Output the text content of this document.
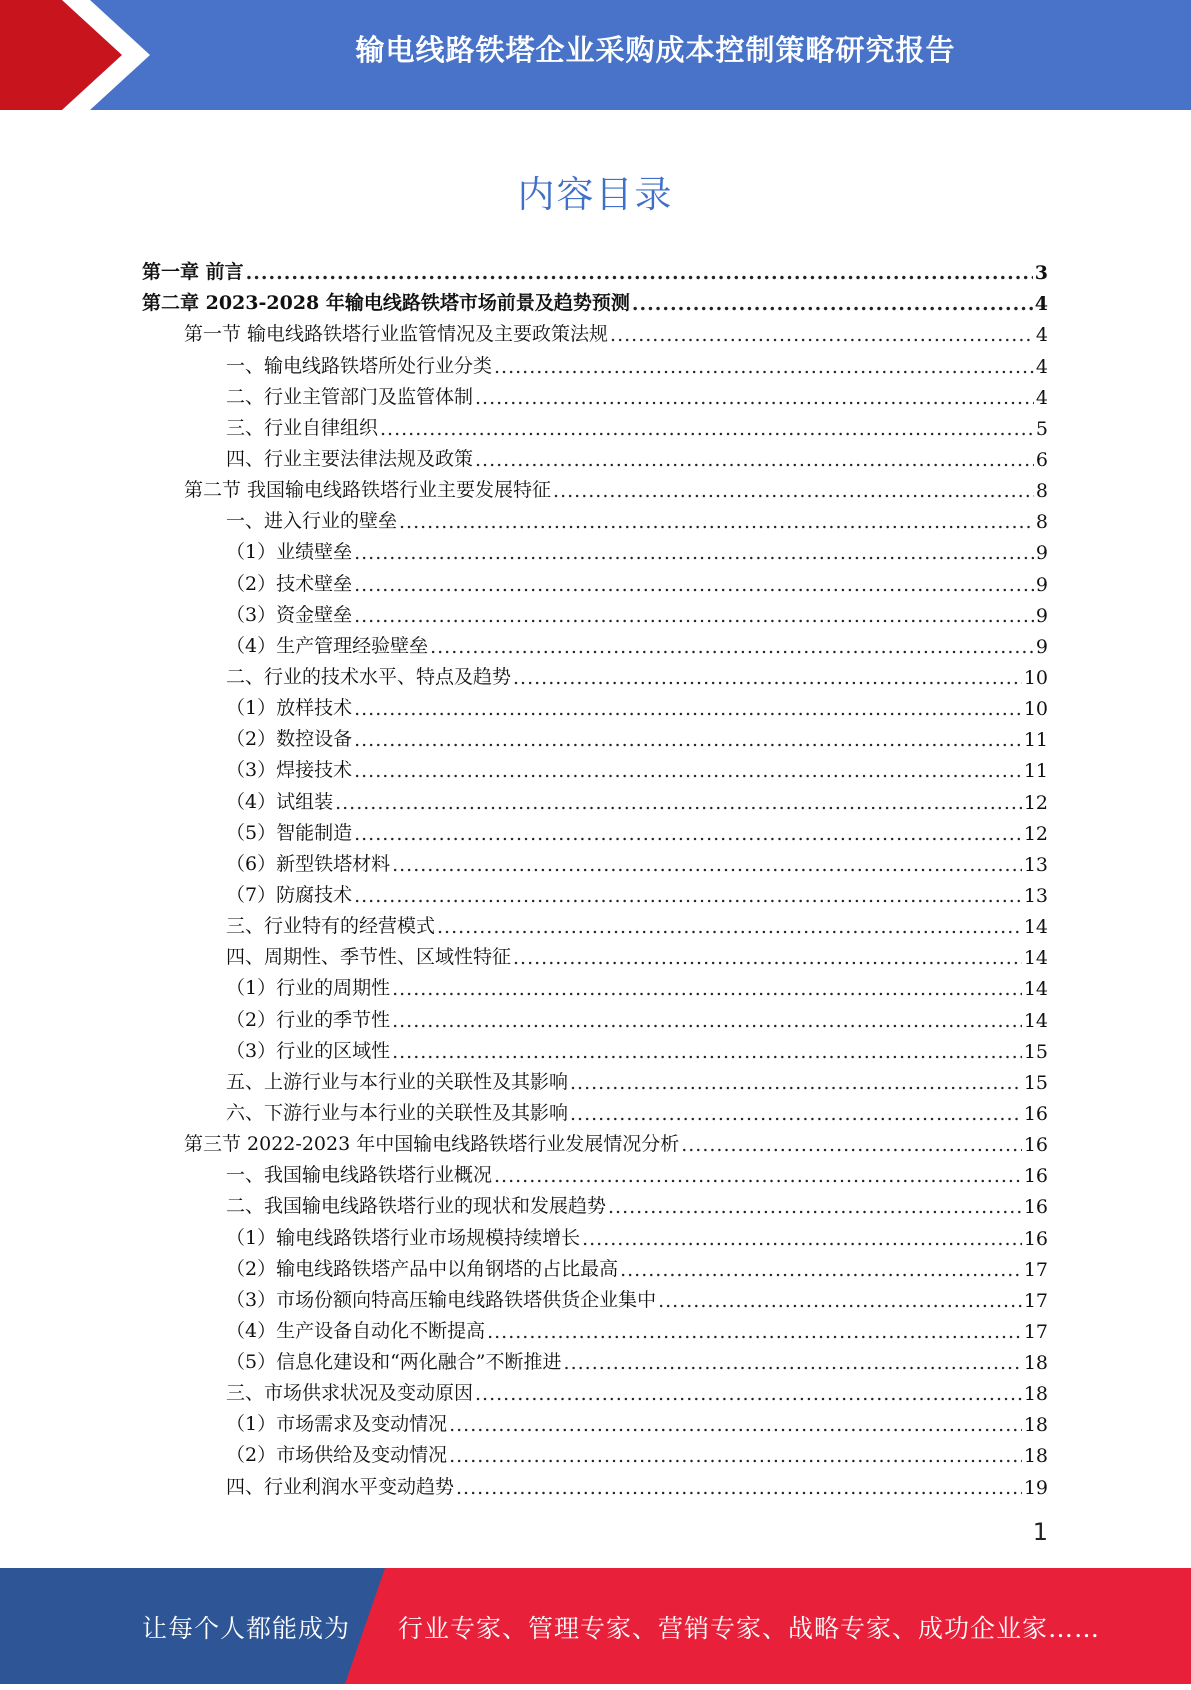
输电线路铁塔企业采购成本控制策略研究报告
内容目录
第一章 前言 .....	3
第二章 2023-2028 年输电线路铁塔市场前景及趋势预测 .....	4
第一节 输电线路铁塔行业监管情况及主要政策法规 .....	4
一、输电线路铁塔所处行业分类 .....	4
二、行业主管部门及监管体制 .....	4
三、行业自律组织 .....	5
四、行业主要法律法规及政策 .....	6
第二节 我国输电线路铁塔行业主要发展特征 .....	8
一、进入行业的壁垒 .....	8
（1）业绩壁垒 .....	9
（2）技术壁垒 .....	9
（3）资金壁垒 .....	9
（4）生产管理经验壁垒 .....	9
二、行业的技术水平、特点及趋势 .....	10
（1）放样技术 .....	10
（2）数控设备 .....	11
（3）焊接技术 .....	11
（4）试组装 .....	12
（5）智能制造 .....	12
（6）新型铁塔材料 .....	13
（7）防腐技术 .....	13
三、行业特有的经营模式 .....	14
四、周期性、季节性、区域性特征 .....	14
（1）行业的周期性 .....	14
（2）行业的季节性 .....	14
（3）行业的区域性 .....	15
五、上游行业与本行业的关联性及其影响 .....	15
六、下游行业与本行业的关联性及其影响 .....	16
第三节 2022-2023 年中国输电线路铁塔行业发展情况分析 .....	16
一、我国输电线路铁塔行业概况 .....	16
二、我国输电线路铁塔行业的现状和发展趋势 .....	16
（1）输电线路铁塔行业市场规模持续增长 .....	16
（2）输电线路铁塔产品中以角钢塔的占比最高 .....	17
（3）市场份额向特高压输电线路铁塔供货企业集中 .....	17
（4）生产设备自动化不断提高 .....	17
（5）信息化建设和“两化融合”不断推进 .....	18
三、市场供求状况及变动原因 .....	18
（1）市场需求及变动情况 .....	18
（2）市场供给及变动情况 .....	18
四、行业利润水平变动趋势 .....	19
1
让每个人都能成为 行业专家、管理专家、营销专家、战略专家、成功企业家……
